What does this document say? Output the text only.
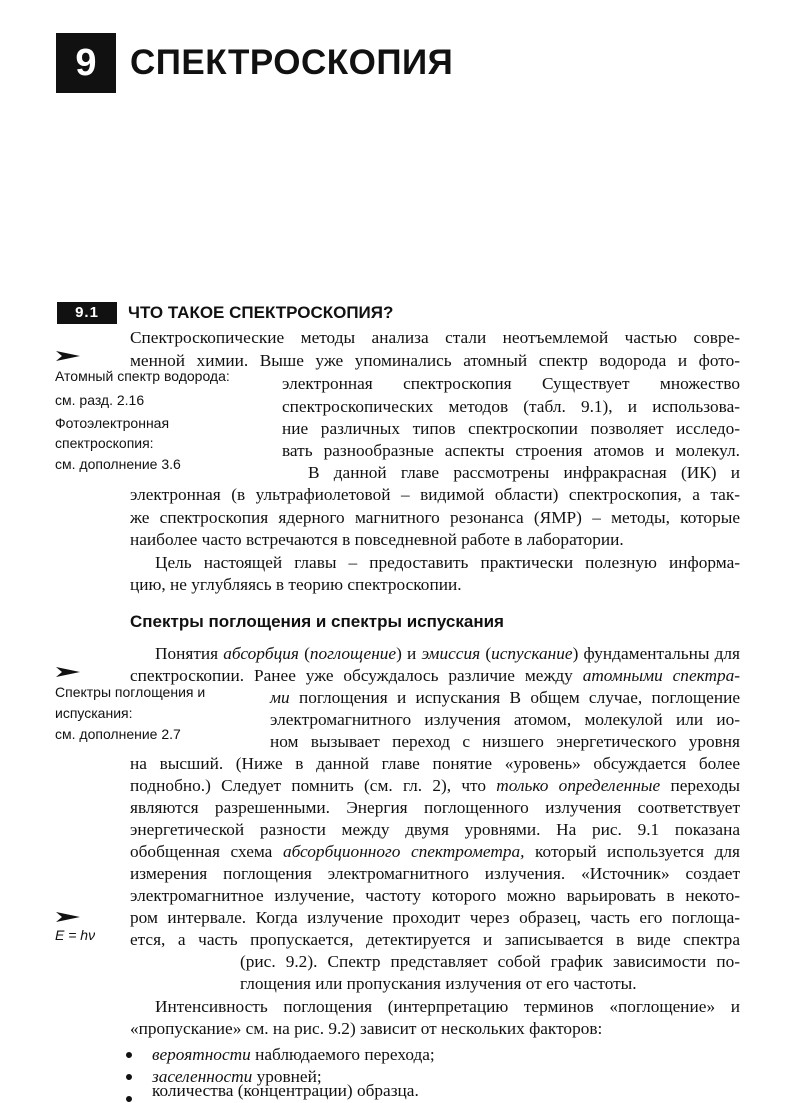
9 СПЕКТРОСКОПИЯ
9.1	ЧТО ТАКОЕ СПЕКТРОСКОПИЯ?
Атомный спектр водорода:
см. разд. 2.16
Фотоэлектронная
спектроскопия:
см. дополнение 3.6
Спектроскопические методы анализа стали неотъемлемой частью совре-
менной химии. Выше уже упоминались атомный спектр водорода и фото-
электронная спектроскопия Существует множество
спектроскопических методов (табл. 9.1), и использова-
ние различных типов спектроскопии позволяет исследо-
вать разнообразные аспекты строения атомов и молекул.
В данной главе рассмотрены инфракрасная (ИК) и
электронная (в ультрафиолетовой – видимой области) спектроскопия, а так-
же спектроскопия ядерного магнитного резонанса (ЯМР) – методы, которые
наиболее часто встречаются в повседневной работе в лаборатории.
Цель настоящей главы – предоставить практически полезную информа-
цию, не углубляясь в теорию спектроскопии.
Спектры поглощения и спектры испускания
Спектры поглощения и
испускания:
см. дополнение 2.7
Понятия абсорбция (поглощение) и эмиссия (испускание) фундаментальны для
спектроскопии. Ранее уже обсуждалось различие между атомными спектра-
ми поглощения и испускания В общем случае, поглощение
электромагнитного излучения атомом, молекулой или ио-
ном вызывает переход с низшего энергетического уровня
на высший. (Ниже в данной главе понятие «уровень» обсуждается более
поднобно.) Следует помнить (см. гл. 2), что только определенные переходы
являются разрешенными. Энергия поглощенного излучения соответствует
энергетической разности между двумя уровнями. На рис. 9.1 показана
обобщенная схема абсорбционного спектрометра, который используется для
измерения поглощения электромагнитного излучения. «Источник» создает
электромагнитное излучение, частоту которого можно варьировать в некото-
ром интервале. Когда излучение проходит через образец, часть его поглоща-
ется, а часть пропускается, детектируется и записывается в виде спектра
E = hν
(рис. 9.2). Спектр представляет собой график зависимости по-
глощения или пропускания излучения от его частоты.
Интенсивность поглощения (интерпретацию терминов «поглощение» и
«пропускание» см. на рис. 9.2) зависит от нескольких факторов:
вероятности наблюдаемого перехода;
заселенности уровней;
количества (концентрации) образца.
